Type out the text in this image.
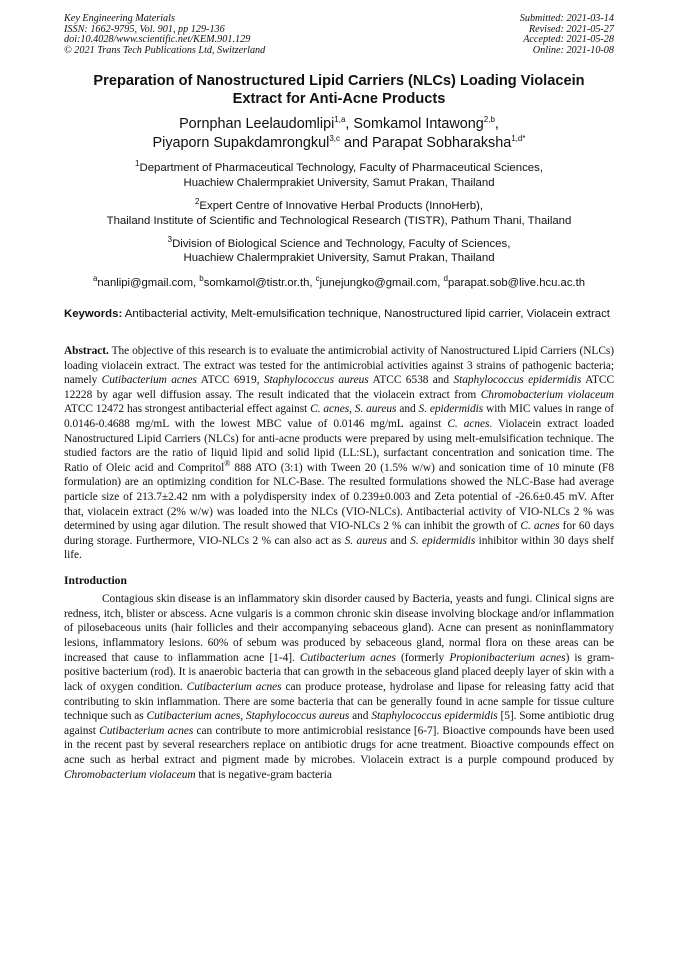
Key Engineering Materials
ISSN: 1662-9795, Vol. 901, pp 129-136
doi:10.4028/www.scientific.net/KEM.901.129
© 2021 Trans Tech Publications Ltd, Switzerland
Submitted: 2021-03-14
Revised: 2021-05-27
Accepted: 2021-05-28
Online: 2021-10-08
Preparation of Nanostructured Lipid Carriers (NLCs) Loading Violacein
Extract for Anti-Acne Products
Pornphan Leelaudomlipi$^{1,a}$, Somkamol Intawong$^{2,b}$,
Piyaporn Supakdamrongkul$^{3,c}$ and Parapat Sobharaksha$^{1,d*}$
$^1$Department of Pharmaceutical Technology, Faculty of Pharmaceutical Sciences,
Huachiew Chalermprakiet University, Samut Prakan, Thailand
$^2$Expert Centre of Innovative Herbal Products (InnoHerb),
Thailand Institute of Scientific and Technological Research (TISTR), Pathum Thani, Thailand
$^3$Division of Biological Science and Technology, Faculty of Sciences,
Huachiew Chalermprakiet University, Samut Prakan, Thailand
$^a$nanlipi@gmail.com, $^b$somkamol@tistr.or.th, $^c$junejungko@gmail.com, $^d$parapat.sob@live.hcu.ac.th
Keywords: Antibacterial activity, Melt-emulsification technique, Nanostructured lipid carrier, Violacein extract
Abstract. The objective of this research is to evaluate the antimicrobial activity of Nanostructured Lipid Carriers (NLCs) loading violacein extract. The extract was tested for the antimicrobial activities against 3 strains of pathogenic bacteria; namely Cutibacterium acnes ATCC 6919, Staphylococcus aureus ATCC 6538 and Staphylococcus epidermidis ATCC 12228 by agar well diffusion assay. The result indicated that the violacein extract from Chromobacterium violaceum ATCC 12472 has strongest antibacterial effect against C. acnes, S. aureus and S. epidermidis with MIC values in range of 0.0146-0.4688 mg/mL with the lowest MBC value of 0.0146 mg/mL against C. acnes. Violacein extract loaded Nanostructured Lipid Carriers (NLCs) for anti-acne products were prepared by using melt-emulsification technique. The studied factors are the ratio of liquid lipid and solid lipid (LL:SL), surfactant concentration and sonication time. The Ratio of Oleic acid and Compritol® 888 ATO (3:1) with Tween 20 (1.5% w/w) and sonication time of 10 minute (F8 formulation) are an optimizing condition for NLC-Base. The resulted formulations showed the NLC-Base had average particle size of 213.7±2.42 nm with a polydispersity index of 0.239±0.003 and Zeta potential of -26.6±0.45 mV. After that, violacein extract (2% w/w) was loaded into the NLCs (VIO-NLCs). Antibacterial activity of VIO-NLCs 2 % was determined by using agar dilution. The result showed that VIO-NLCs 2 % can inhibit the growth of C. acnes for 60 days during storage. Furthermore, VIO-NLCs 2 % can also act as S. aureus and S. epidermidis inhibitor within 30 days shelf life.
Introduction
Contagious skin disease is an inflammatory skin disorder caused by Bacteria, yeasts and fungi. Clinical signs are redness, itch, blister or abscess. Acne vulgaris is a common chronic skin disease involving blockage and/or inflammation of pilosebaceous units (hair follicles and their accompanying sebaceous gland). Acne can present as noninflammatory lesions, inflammatory lesions. 60% of sebum was produced by sebaceous gland, normal flora on these areas can be increased that cause to inflammation acne [1-4]. Cutibacterium acnes (formerly Propionibacterium acnes) is gram-positive bacterium (rod). It is anaerobic bacteria that can growth in the sebaceous gland placed deeply layer of skin with a lack of oxygen condition. Cutibacterium acnes can produce protease, hydrolase and lipase for releasing fatty acid that contributing to skin inflammation. There are some bacteria that can be generally found in acne sample for tissue culture technique such as Cutibacterium acnes, Staphylococcus aureus and Staphylococcus epidermidis [5]. Some antibiotic drug against Cutibacterium acnes can contribute to more antimicrobial resistance [6-7]. Bioactive compounds have been used in the recent past by several researchers replace on antibiotic drugs for acne treatment. Bioactive compounds effect on acne such as herbal extract and pigment made by microbes. Violacein extract is a purple compound produced by Chromobacterium violaceum that is negative-gram bacteria
